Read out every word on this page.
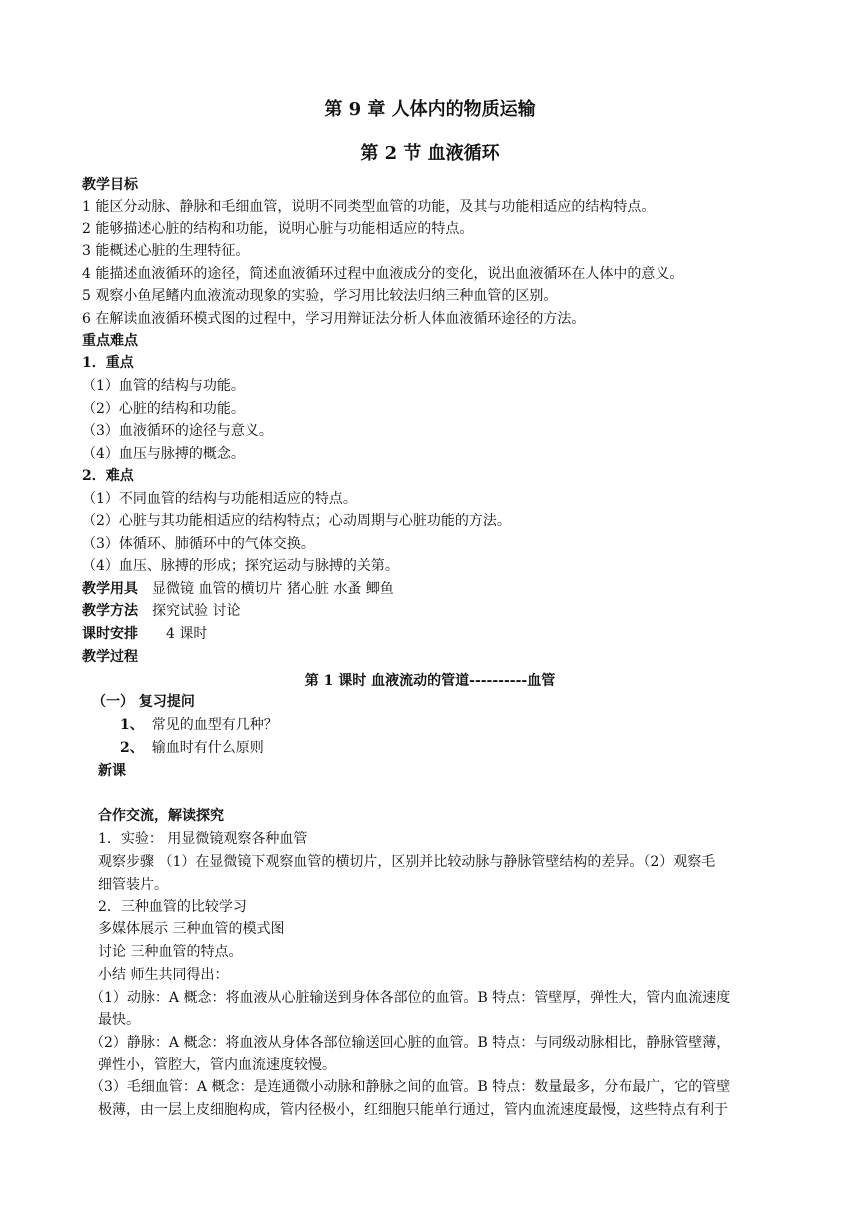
第 9 章 人体内的物质运输
第 2 节 血液循环
教学目标
1 能区分动脉、静脉和毛细血管，说明不同类型血管的功能，及其与功能相适应的结构特点。
2 能够描述心脏的结构和功能，说明心脏与功能相适应的特点。
3 能概述心脏的生理特征。
4 能描述血液循环的途径，简述血液循环过程中血液成分的变化，说出血液循环在人体中的意义。
5 观察小鱼尾鳍内血液流动现象的实验，学习用比较法归纳三种血管的区别。
6 在解读血液循环模式图的过程中，学习用辩证法分析人体血液循环途径的方法。
重点难点
1．重点
（1）血管的结构与功能。
（2）心脏的结构和功能。
（3）血液循环的途径与意义。
（4）血压与脉搏的概念。
2．难点
（1）不同血管的结构与功能相适应的特点。
（2）心脏与其功能相适应的结构特点；心动周期与心脏功能的方法。
（3）体循环、肺循环中的气体交换。
（4）血压、脉搏的形成；探究运动与脉搏的关第。
教学用具 显微镜 血管的横切片 猪心脏 水蚤 鲫鱼
教学方法 探究试验 讨论
课时安排 4 课时
教学过程
第 1 课时 血液流动的管道----------血管
（一） 复习提问
1、 常见的血型有几种？
2、 输血时有什么原则
新课
合作交流，解读探究
1．实验： 用显微镜观察各种血管
观察步骤 （1）在显微镜下观察血管的横切片，区别并比较动脉与静脉管壁结构的差异。（2）观察毛
细管装片。
2．三种血管的比较学习
多媒体展示 三种血管的模式图
讨论 三种血管的特点。
小结 师生共同得出：
（1）动脉：A 概念：将血液从心脏输送到身体各部位的血管。B 特点：管壁厚，弹性大，管内血流速度
最快。
（2）静脉：A 概念：将血液从身体各部位输送回心脏的血管。B 特点：与同级动脉相比，静脉管壁薄，
弹性小，管腔大，管内血流速度较慢。
（3）毛细血管：A 概念：是连通微小动脉和静脉之间的血管。B 特点：数量最多，分布最广，它的管壁
极薄，由一层上皮细胞构成，管内径极小，红细胞只能单行通过，管内血流速度最慢，这些特点有利于
